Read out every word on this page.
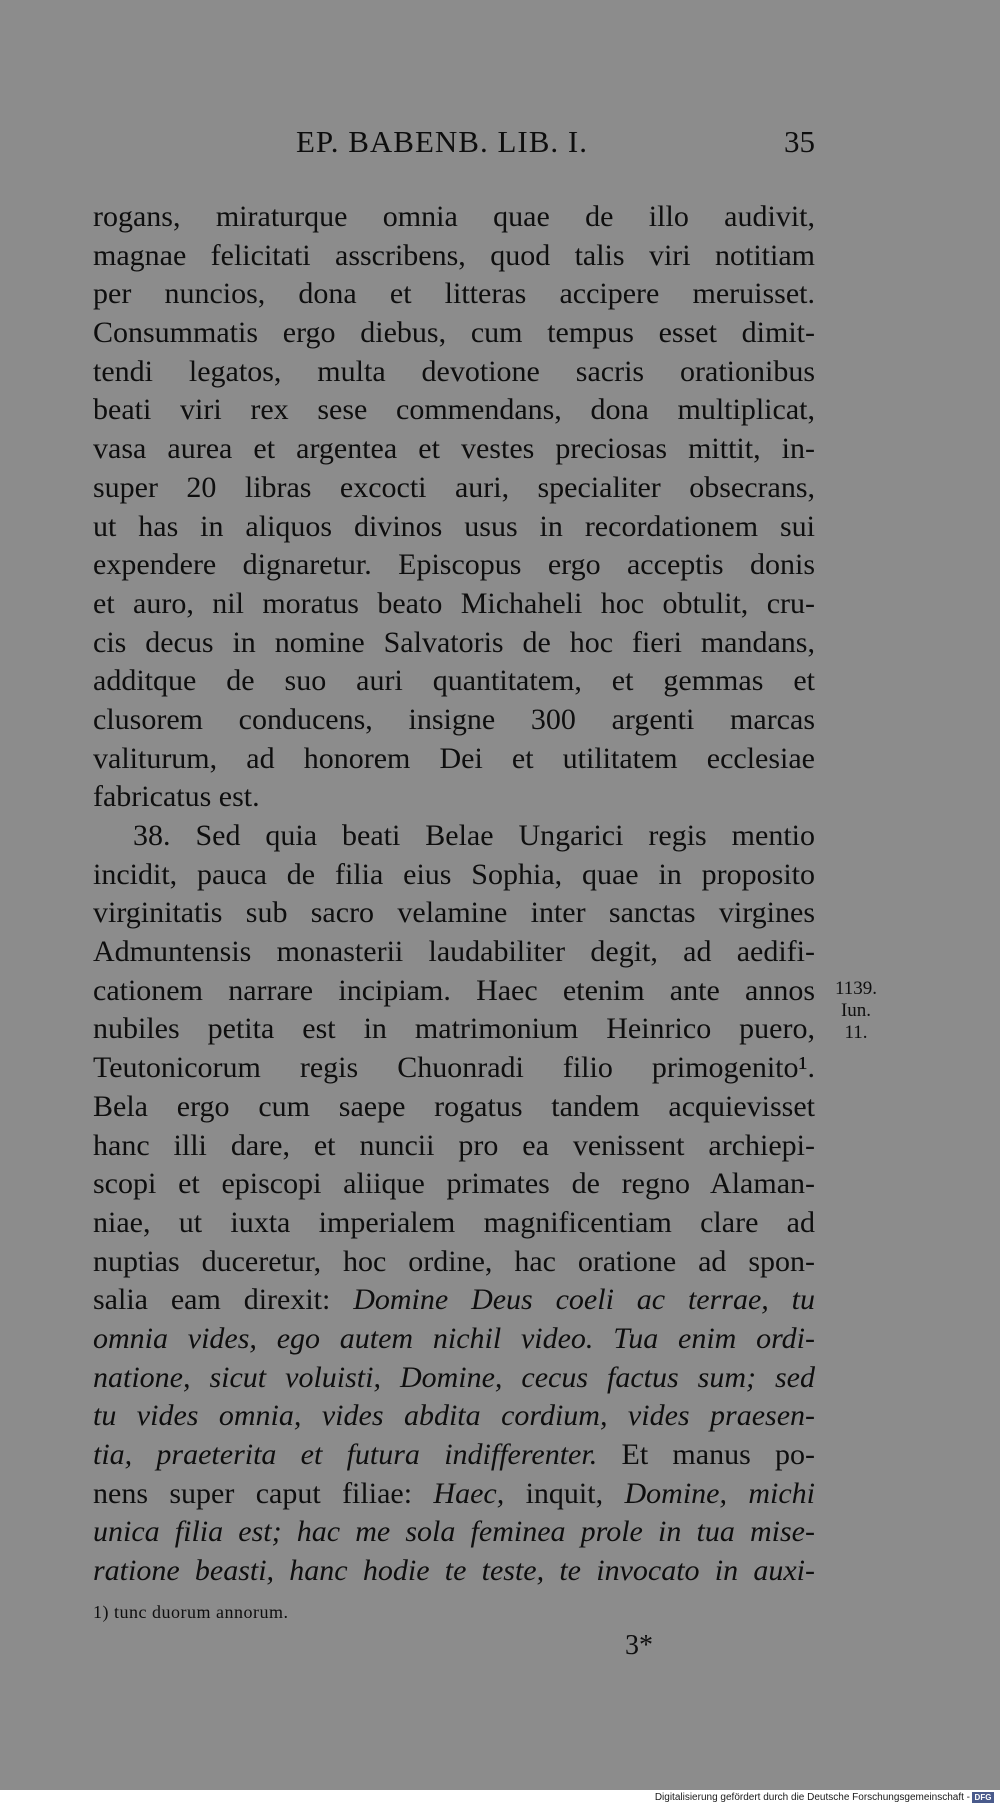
EP. BABENB. LIB. I.	35
rogans, miraturque omnia quae de illo audivit,
magnae felicitati asscribens, quod talis viri notitiam
per nuncios, dona et litteras accipere meruisset.
Consummatis ergo diebus, cum tempus esset dimit-
tendi legatos, multa devotione sacris orationibus
beati viri rex sese commendans, dona multiplicat,
vasa aurea et argentea et vestes preciosas mittit, in-
super 20 libras excocti auri, specialiter obsecrans,
ut has in aliquos divinos usus in recordationem sui
expendere dignaretur. Episcopus ergo acceptis donis
et auro, nil moratus beato Michaheli hoc obtulit, cru-
cis decus in nomine Salvatoris de hoc fieri mandans,
additque de suo auri quantitatem, et gemmas et
clusorem conducens, insigne 300 argenti marcas
valiturum, ad honorem Dei et utilitatem ecclesiae
fabricatus est.
38. Sed quia beati Belae Ungarici regis mentio
incidit, pauca de filia eius Sophia, quae in proposito
virginitatis sub sacro velamine inter sanctas virgines
Admuntensis monasterii laudabiliter degit, ad aedifi-
cationem narrare incipiam. Haec etenim ante annos
nubiles petita est in matrimonium Heinrico puero,
Teutonicorum regis Chuonradi filio primogenito¹.
Bela ergo cum saepe rogatus tandem acquievisset
hanc illi dare, et nuncii pro ea venissent archiepi-
scopi et episcopi aliique primates de regno Alaman-
niae, ut iuxta imperialem magnificentiam clare ad
nuptias duceretur, hoc ordine, hac oratione ad spon-
salia eam direxit: Domine Deus coeli ac terrae, tu
omnia vides, ego autem nichil video. Tua enim ordi-
natione, sicut voluisti, Domine, cecus factus sum; sed
tu vides omnia, vides abdita cordium, vides praesen-
tia, praeterita et futura indifferenter. Et manus po-
nens super caput filiae: Haec, inquit, Domine, michi
unica filia est; hac me sola feminea prole in tua mise-
ratione beasti, hanc hodie te teste, te invocato in auxi-
1139.
Iun.
11.
1) tunc duorum annorum.
3*
Digitalisierung gefördert durch die Deutsche Forschungsgemeinschaft - DFG
